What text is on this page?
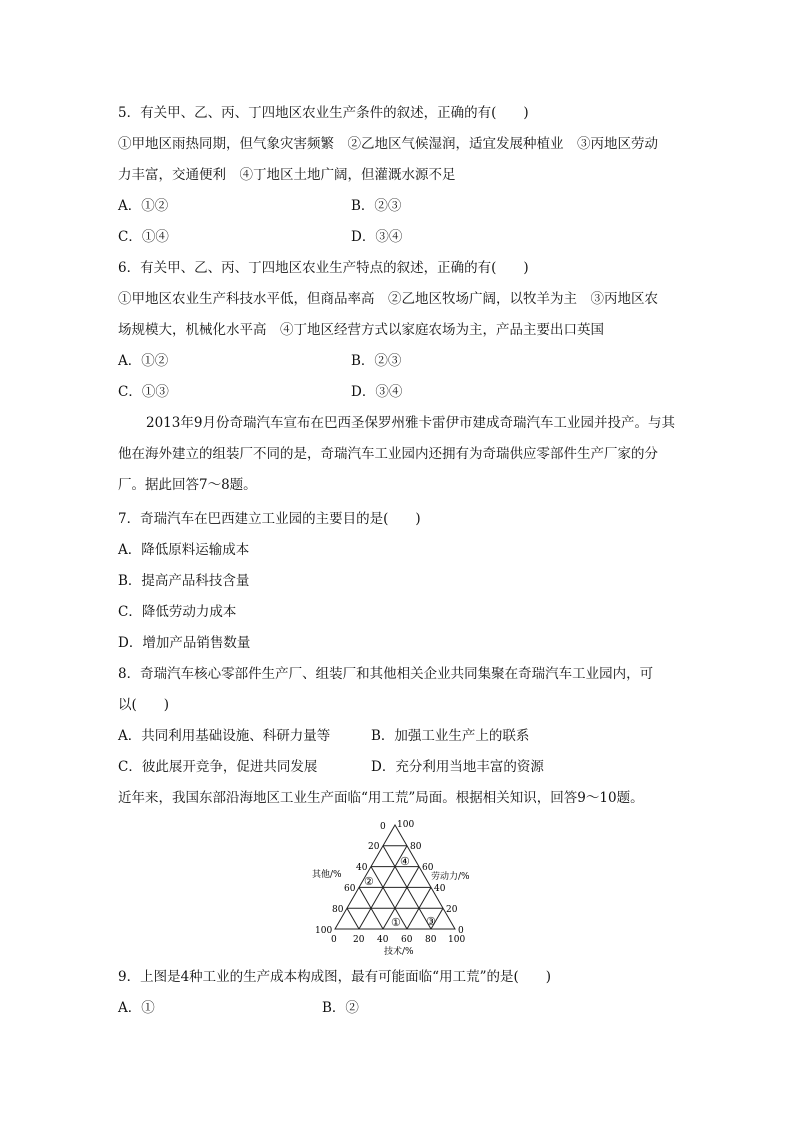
5．有关甲、乙、丙、丁四地区农业生产条件的叙述，正确的有(　　)
①甲地区雨热同期，但气象灾害频繁　②乙地区气候湿润，适宜发展种植业　③丙地区劳动
力丰富，交通便利　④丁地区土地广阔，但灌溉水源不足
A．①②	B．②③
C．①④	D．③④
6．有关甲、乙、丙、丁四地区农业生产特点的叙述，正确的有(　　)
①甲地区农业生产科技水平低，但商品率高　②乙地区牧场广阔，以牧羊为主　③丙地区农
场规模大，机械化水平高　④丁地区经营方式以家庭农场为主，产品主要出口英国
A．①②	B．②③
C．①③	D．③④
2013年9月份奇瑞汽车宣布在巴西圣保罗州雅卡雷伊市建成奇瑞汽车工业园并投产。与其他在海外建立的组装厂不同的是，奇瑞汽车工业园内还拥有为奇瑞供应零部件生产厂家的分厂。据此回答7～8题。
7．奇瑞汽车在巴西建立工业园的主要目的是(　　)
A．降低原料运输成本
B．提高产品科技含量
C．降低劳动力成本
D．增加产品销售数量
8．奇瑞汽车核心零部件生产厂、组装厂和其他相关企业共同集聚在奇瑞汽车工业园内，可
以(　　)
A．共同利用基础设施、科研力量等	B．加强工业生产上的联系
C．彼此展开竞争，促进共同发展	D．充分利用当地丰富的资源
近年来，我国东部沿海地区工业生产面临“用工荒”局面。根据相关知识，回答9～10题。
0
20
40
60
80
100
100
80
60
40
20
0
0 20 40 60 80 100
其他/%	劳动力/%
技术/%
①
②
③
④
9．上图是4种工业的生产成本构成图，最有可能面临“用工荒”的是(　　)
A．①	B．②
